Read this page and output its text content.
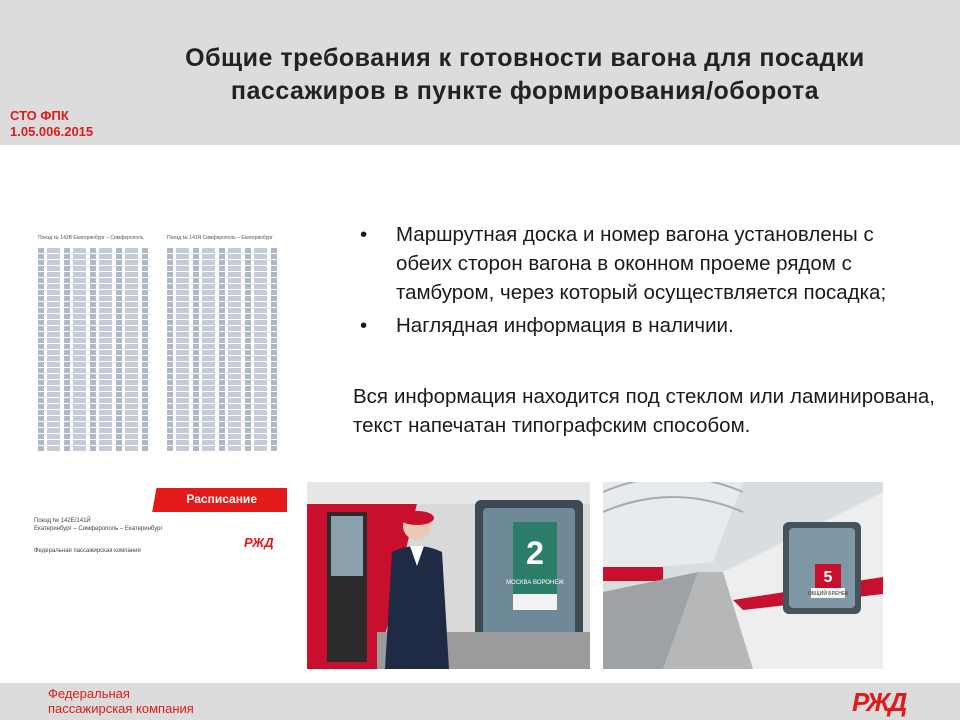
Общие требования к готовности вагона для посадки
пассажиров в пункте формирования/оборота
СТО ФПК
1.05.006.2015
Поезд № 142В Екатеринбург – Симферополь	Поезд № 141Я Симферополь – Екатеринбург
Расписание
Поезд № 142Е/141Й
Екатеринбург – Симферополь – Екатеринбург
Федеральная пассажирская компания
РЖД
• Маршрутная доска и номер вагона установлены с обеих сторон вагона в оконном проеме рядом с тамбуром, через который осуществляется посадка;
• Наглядная информация в наличии.
Вся информация находится под стеклом или ламинирована, текст напечатан типографским способом.
2
МОСКВА ВОРОНЕЖ	5
ОБЩИЙ БРЕНЕК
Федеральная
пассажирская компания	РЖД
